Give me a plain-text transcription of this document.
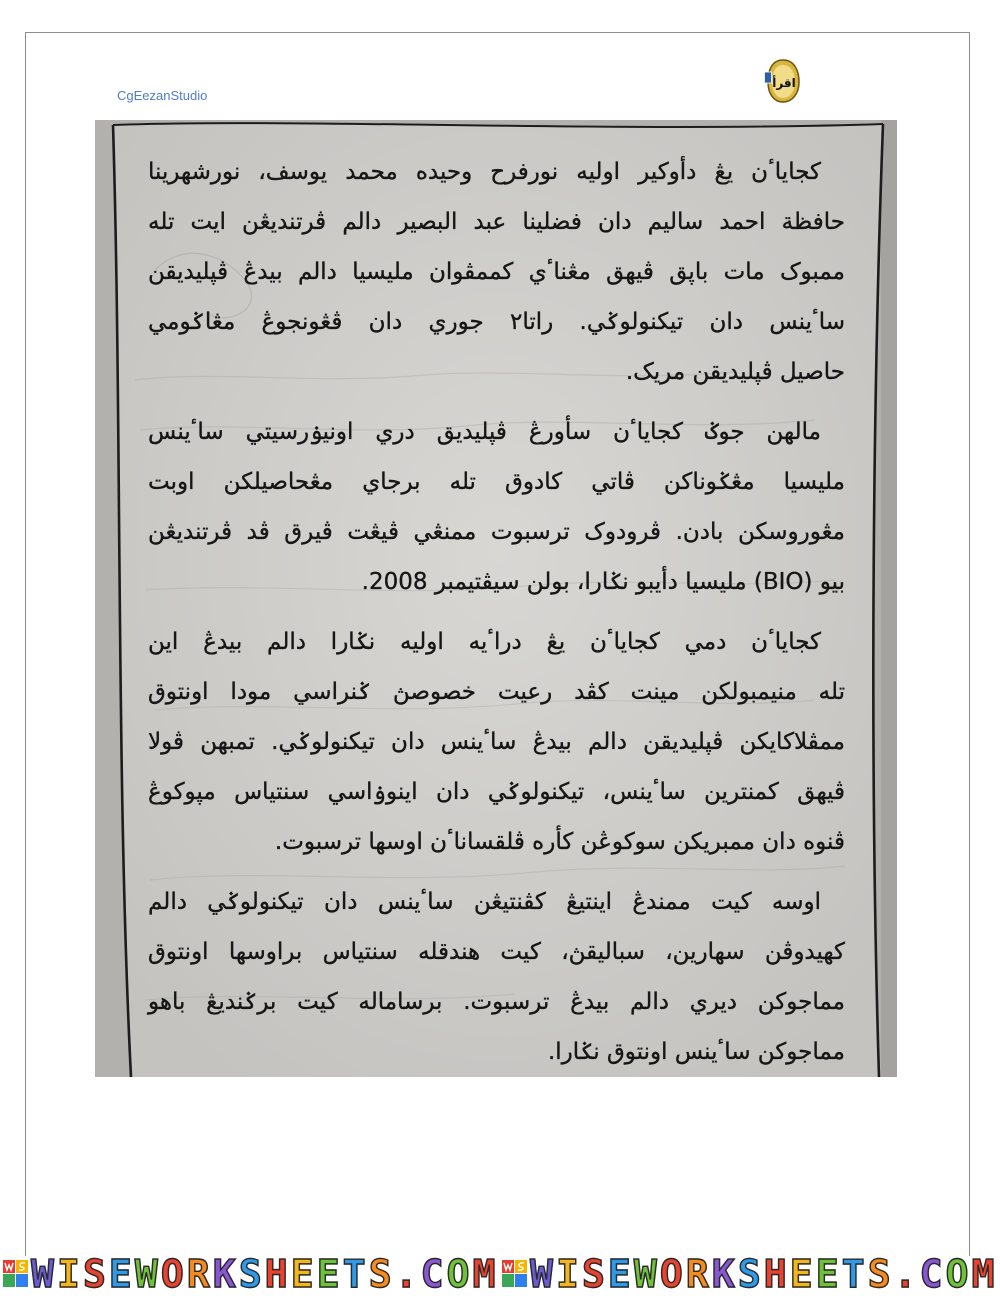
CgEezanStudio
اقرأ
کجاياٴن يڠ دأوکير اوليه نورفرح وحيده محمد يوسف، نورشهرينا
حافظة احمد ساليم دان فضلينا عبد البصير دالم ڤرتنديڠن ايت تله
ممبوک مات باڽق ڤيهق مڠناٴي کممڤوان مليسيا دالم بيدڠ ڤڽليديقن
ساٴينس دان تيکنولوݢي. راتا٢ جوري دان ڤڠونجوڠ مڠاݢومي
حاصيل ڤڽليديقن مريک.
مالهن جوݢ کجاياٴن سأورڠ ڤڽليديق دري اونيۏرسيتي ساٴينس
مليسيا مڠݢوناکن ڤاتي کادوق تله برجاي مڠحاصيلکن اوبت
مڠوروسکن بادن. ڤرودوک ترسبوت ممنڠي ڤيڠت ڤيرق ڤد ڤرتنديڠن
بيو (BIO) مليسيا دأيبو نݢارا، بولن سيڤتيمبر 2008.
کجاياٴن دمي کجاياٴن يڠ دراٴيه اوليه نݢارا دالم بيدڠ اين
تله منيمبولکن مينت کڤد رعيت خصوصڽ ݢنراسي مودا اونتوق
ممڤلاکايکن ڤڽليديقن دالم بيدڠ ساٴينس دان تيکنولوݢي. تمبهن ڤولا
ڤيهق کمنترين ساٴينس، تيکنولوݢي دان اينوۏاسي سنتياس مڽوکوڠ
ڤنوه دان ممبريکن سوکوڠن کأره ڤلقساناٴن اوسها ترسبوت.
اوسه کيت ممندڠ اينتيڠ کڤنتيڠن ساٴينس دان تيکنولوݢي دالم
کهيدوڤن سهارين، سباليقڽ، کيت هندقله سنتياس براوسها اونتوق
مماجوکن ديري دالم بيدڠ ترسبوت. برساماله کيت برݢنديڠ باهو
مماجوکن ساٴينس اونتوق نݢارا.
WISEWORKSHEETS.COM WISEWORKSHEETS.COM
